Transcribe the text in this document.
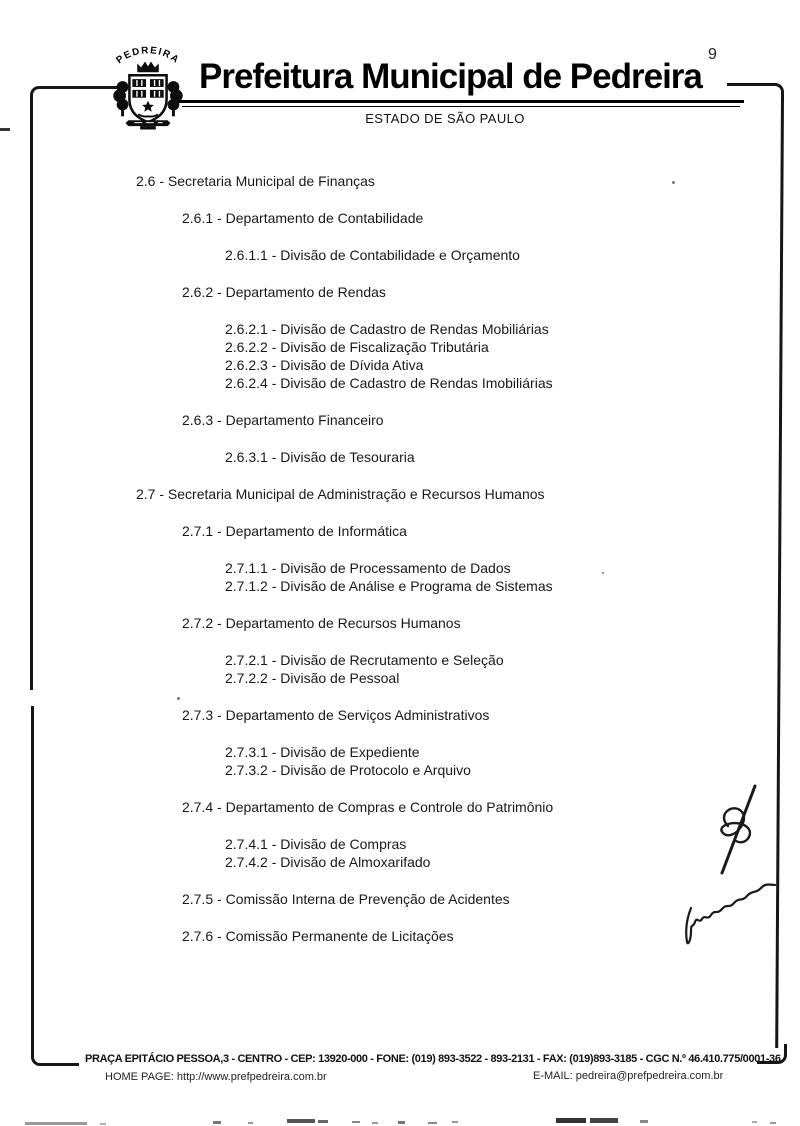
PEDREIRA Prefeitura Municipal de Pedreira
9
ESTADO DE SÃO PAULO
2.6 - Secretaria Municipal de Finanças
2.6.1 - Departamento de Contabilidade
2.6.1.1 - Divisão de Contabilidade e Orçamento
2.6.2 - Departamento de Rendas
2.6.2.1 - Divisão de Cadastro de Rendas Mobiliárias
2.6.2.2 - Divisão de Fiscalização Tributária
2.6.2.3 - Divisão de Dívida Ativa
2.6.2.4 - Divisão de Cadastro de Rendas Imobiliárias
2.6.3 - Departamento Financeiro
2.6.3.1 - Divisão de Tesouraria
2.7 - Secretaria Municipal de Administração e Recursos Humanos
2.7.1 - Departamento de Informática
2.7.1.1 - Divisão de Processamento de Dados
2.7.1.2 - Divisão de Análise e Programa de Sistemas
2.7.2 - Departamento de Recursos Humanos
2.7.2.1 - Divisão de Recrutamento e Seleção
2.7.2.2 - Divisão de Pessoal
2.7.3 - Departamento de Serviços Administrativos
2.7.3.1 - Divisão de Expediente
2.7.3.2 - Divisão de Protocolo e Arquivo
2.7.4 - Departamento de Compras e Controle do Patrimônio
2.7.4.1 - Divisão de Compras
2.7.4.2 - Divisão de Almoxarifado
2.7.5 - Comissão Interna de Prevenção de Acidentes
2.7.6 - Comissão Permanente de Licitações
PRAÇA EPITÁCIO PESSOA,3 - CENTRO - CEP: 13920-000 - FONE: (019) 893-3522 - 893-2131 - FAX: (019)893-3185 - CGC N.º 46.410.775/0001-36
HOME PAGE: http://www.prefpedreira.com.br	E-MAIL: pedreira@prefpedreira.com.br
